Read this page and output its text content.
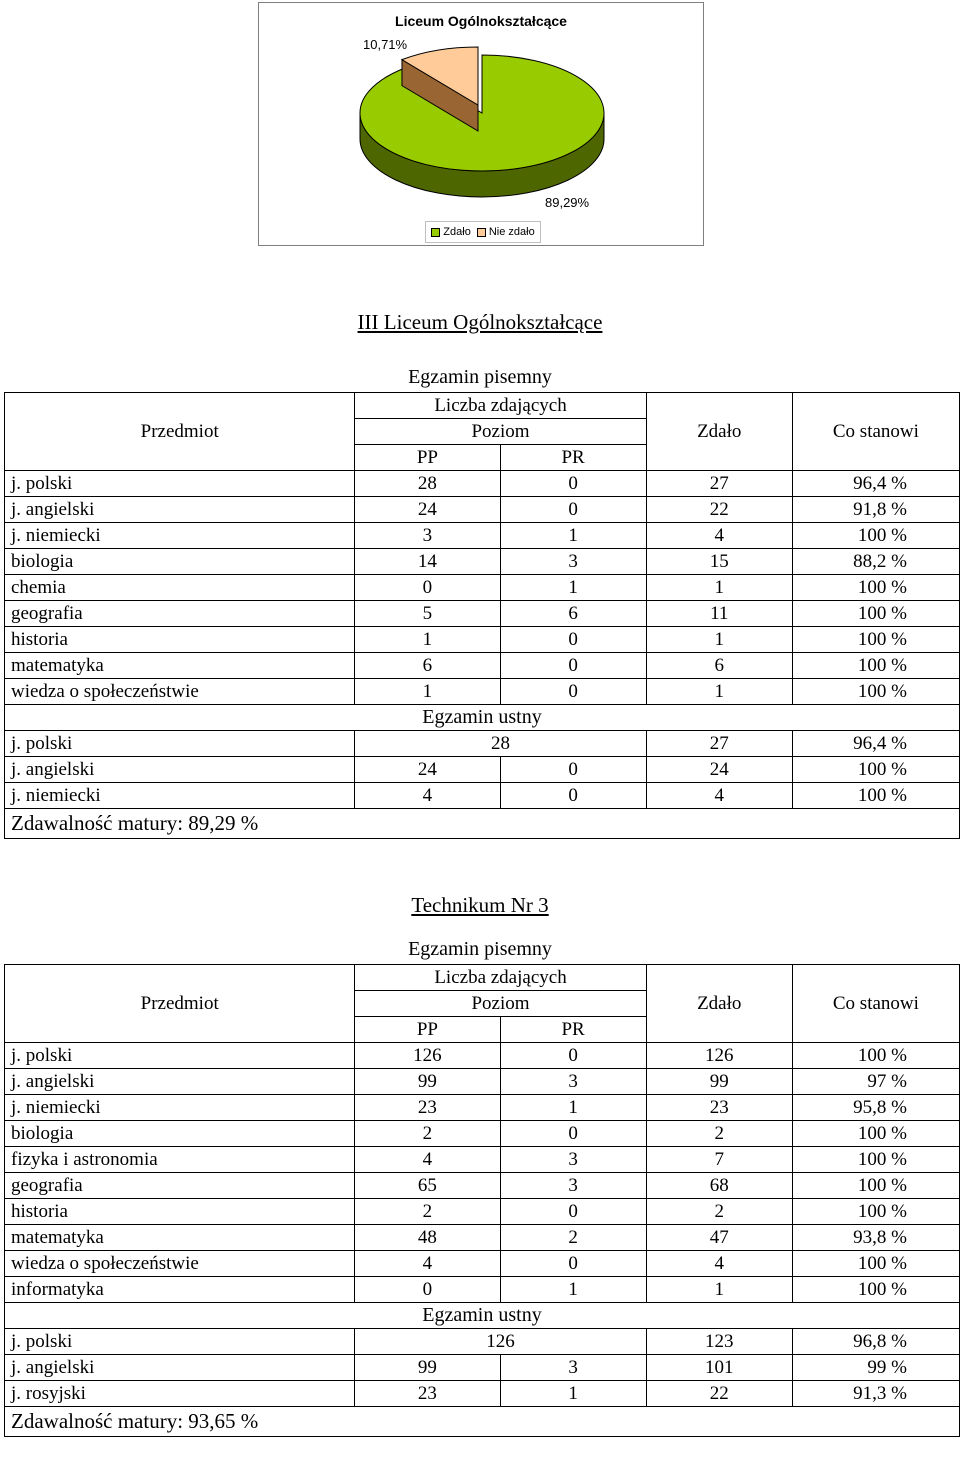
Liceum Ogólnokształcące
10,71%
89,29%
Zdało Nie zdało
III Liceum Ogólnokształcące
Egzamin pisemny
Przedmiot	Liczba zdających		Zdało	Co stanowi
	Poziom			
	PP	PR		
j. polski	28	0	27	96,4 %
j. angielski	24	0	22	91,8 %
j. niemiecki	3	1	4	100 %
biologia	14	3	15	88,2 %
chemia	0	1	1	100 %
geografia	5	6	11	100 %
historia	1	0	1	100 %
matematyka	6	0	6	100 %
wiedza o społeczeństwie	1	0	1	100 %
Egzamin ustny				
j. polski	28		27	96,4 %
j. angielski	24	0	24	100 %
j. niemiecki	4	0	4	100 %
Zdawalność matury: 89,29 %				
Technikum Nr 3
Egzamin pisemny
Przedmiot	Liczba zdających		Zdało	Co stanowi
	Poziom			
	PP	PR		
j. polski	126	0	126	100 %
j. angielski	99	3	99	97 %
j. niemiecki	23	1	23	95,8 %
biologia	2	0	2	100 %
fizyka i astronomia	4	3	7	100 %
geografia	65	3	68	100 %
historia	2	0	2	100 %
matematyka	48	2	47	93,8 %
wiedza o społeczeństwie	4	0	4	100 %
informatyka	0	1	1	100 %
Egzamin ustny				
j. polski	126		123	96,8 %
j. angielski	99	3	101	99 %
j. rosyjski	23	1	22	91,3 %
Zdawalność matury: 93,65 %				
